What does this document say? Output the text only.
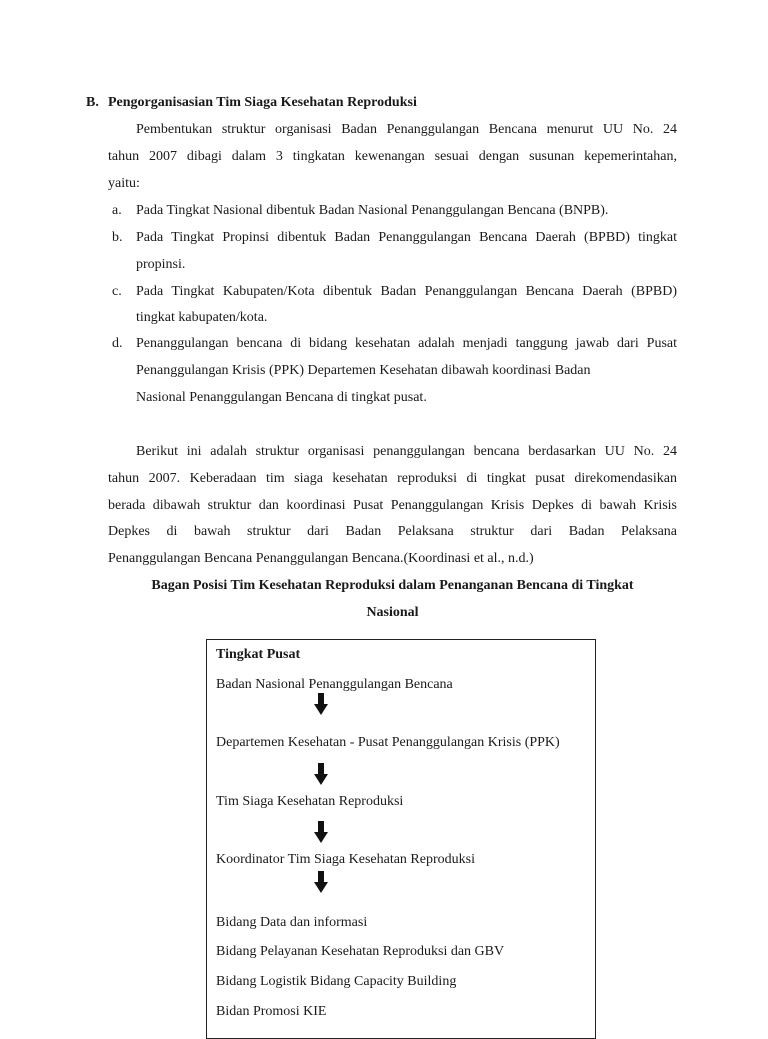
B. Pengorganisasian Tim Siaga Kesehatan Reproduksi

Pembentukan struktur organisasi Badan Penanggulangan Bencana menurut UU No. 24

tahun 2007 dibagi dalam 3 tingkatan kewenangan sesuai dengan susunan kepemerintahan,

yaitu:

a. Pada Tingkat Nasional dibentuk Badan Nasional Penanggulangan Bencana (BNPB).

b. Pada Tingkat Propinsi dibentuk Badan Penanggulangan Bencana Daerah (BPBD) tingkat

propinsi.

c. Pada Tingkat Kabupaten/Kota dibentuk Badan Penanggulangan Bencana Daerah (BPBD)

tingkat kabupaten/kota.

d. Penanggulangan bencana di bidang kesehatan adalah menjadi tanggung jawab dari Pusat

Penanggulangan Krisis (PPK) Departemen Kesehatan dibawah koordinasi Badan

Nasional Penanggulangan Bencana di tingkat pusat.

Berikut ini adalah struktur organisasi penanggulangan bencana berdasarkan UU No. 24

tahun 2007. Keberadaan tim siaga kesehatan reproduksi di tingkat pusat direkomendasikan

berada dibawah struktur dan koordinasi Pusat Penanggulangan Krisis Depkes di bawah Krisis

Depkes di bawah struktur dari Badan Pelaksana struktur dari Badan Pelaksana

Penanggulangan Bencana Penanggulangan Bencana.(Koordinasi et al., n.d.)

Bagan Posisi Tim Kesehatan Reproduksi dalam Penanganan Bencana di Tingkat

Nasional

Tingkat Pusat

Badan Nasional Penanggulangan Bencana

Departemen Kesehatan - Pusat Penanggulangan Krisis (PPK)

Tim Siaga Kesehatan Reproduksi

Koordinator Tim Siaga Kesehatan Reproduksi

Bidang Data dan informasi

Bidang Pelayanan Kesehatan Reproduksi dan GBV

Bidang Logistik Bidang Capacity Building

Bidan Promosi KIE
